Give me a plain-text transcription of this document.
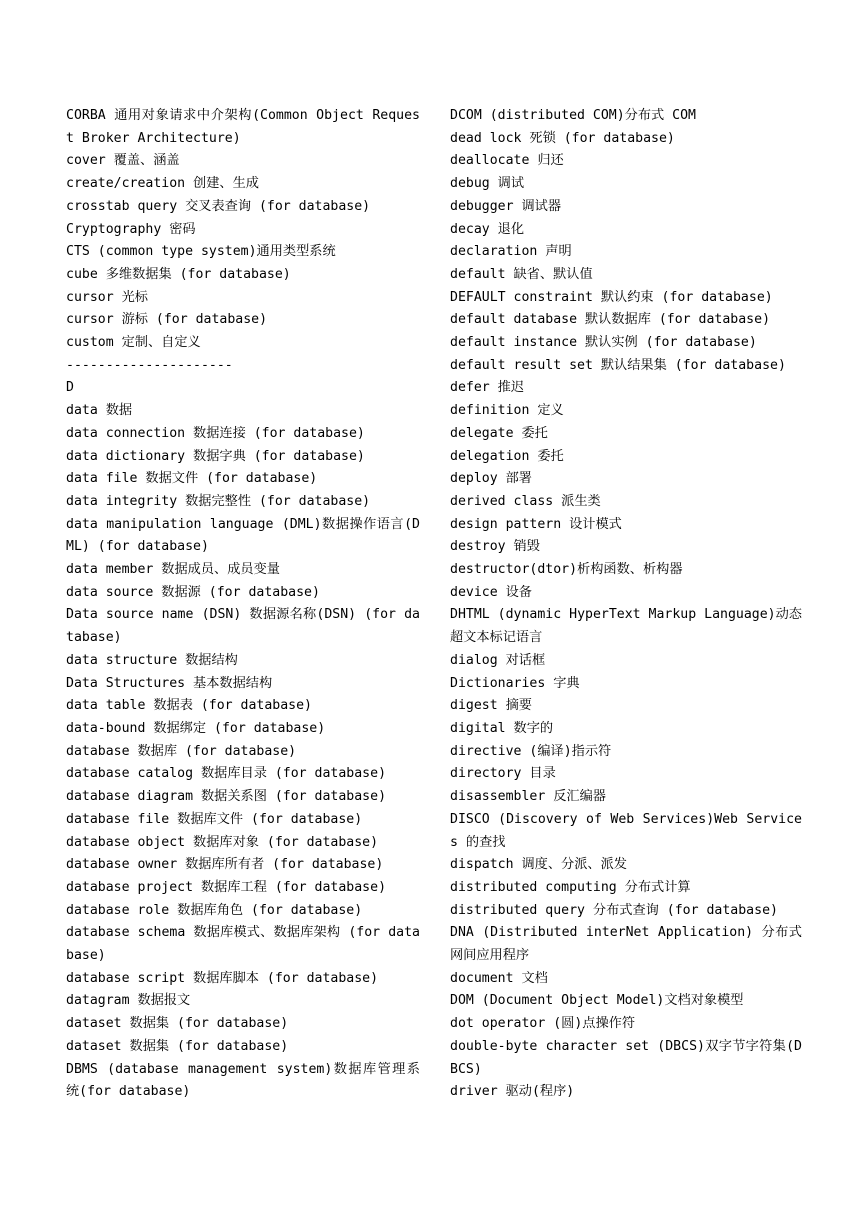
CORBA 通用对象请求中介架构(Common Object Request Broker Architecture)

cover 覆盖、涵盖

create/creation 创建、生成

crosstab query 交叉表查询 (for database)

Cryptography 密码

CTS (common type system)通用类型系统

cube 多维数据集 (for database)

cursor 光标

cursor 游标 (for database)

custom 定制、自定义

---------------------

D

data 数据

data connection 数据连接 (for database)

data dictionary 数据字典 (for database)

data file 数据文件 (for database)

data integrity 数据完整性 (for database)

data manipulation language (DML)数据操作语言(DML) (for database)

data member 数据成员、成员变量

data source 数据源 (for database)

Data source name (DSN) 数据源名称(DSN) (for database)

data structure 数据结构

Data Structures 基本数据结构

data table 数据表 (for database)

data-bound 数据绑定 (for database)

database 数据库 (for database)

database catalog 数据库目录 (for database)

database diagram 数据关系图 (for database)

database file 数据库文件 (for database)

database object 数据库对象 (for database)

database owner 数据库所有者 (for database)

database project 数据库工程 (for database)

database role 数据库角色 (for database)

database schema 数据库模式、数据库架构 (for database)

database script 数据库脚本 (for database)

datagram 数据报文

dataset 数据集 (for database)

dataset 数据集 (for database)

DBMS (database management system)数据库管理系统(for database)

DCOM (distributed COM)分布式 COM

dead lock 死锁 (for database)

deallocate 归还

debug 调试

debugger 调试器

decay 退化

declaration 声明

default 缺省、默认值

DEFAULT constraint 默认约束 (for database)

default database 默认数据库 (for database)

default instance 默认实例 (for database)

default result set 默认结果集 (for database)

defer 推迟

definition 定义

delegate 委托

delegation 委托

deploy 部署

derived class 派生类

design pattern 设计模式

destroy 销毁

destructor(dtor)析构函数、析构器

device 设备

DHTML (dynamic HyperText Markup Language)动态超文本标记语言

dialog 对话框

Dictionaries 字典

digest 摘要

digital 数字的

directive (编译)指示符

directory 目录

disassembler 反汇编器

DISCO (Discovery of Web Services)Web Services 的查找

dispatch 调度、分派、派发

distributed computing 分布式计算

distributed query 分布式查询 (for database)

DNA (Distributed interNet Application) 分布式网间应用程序

document 文档

DOM (Document Object Model)文档对象模型

dot operator (圆)点操作符

double-byte character set (DBCS)双字节字符集(DBCS)

driver 驱动(程序)
